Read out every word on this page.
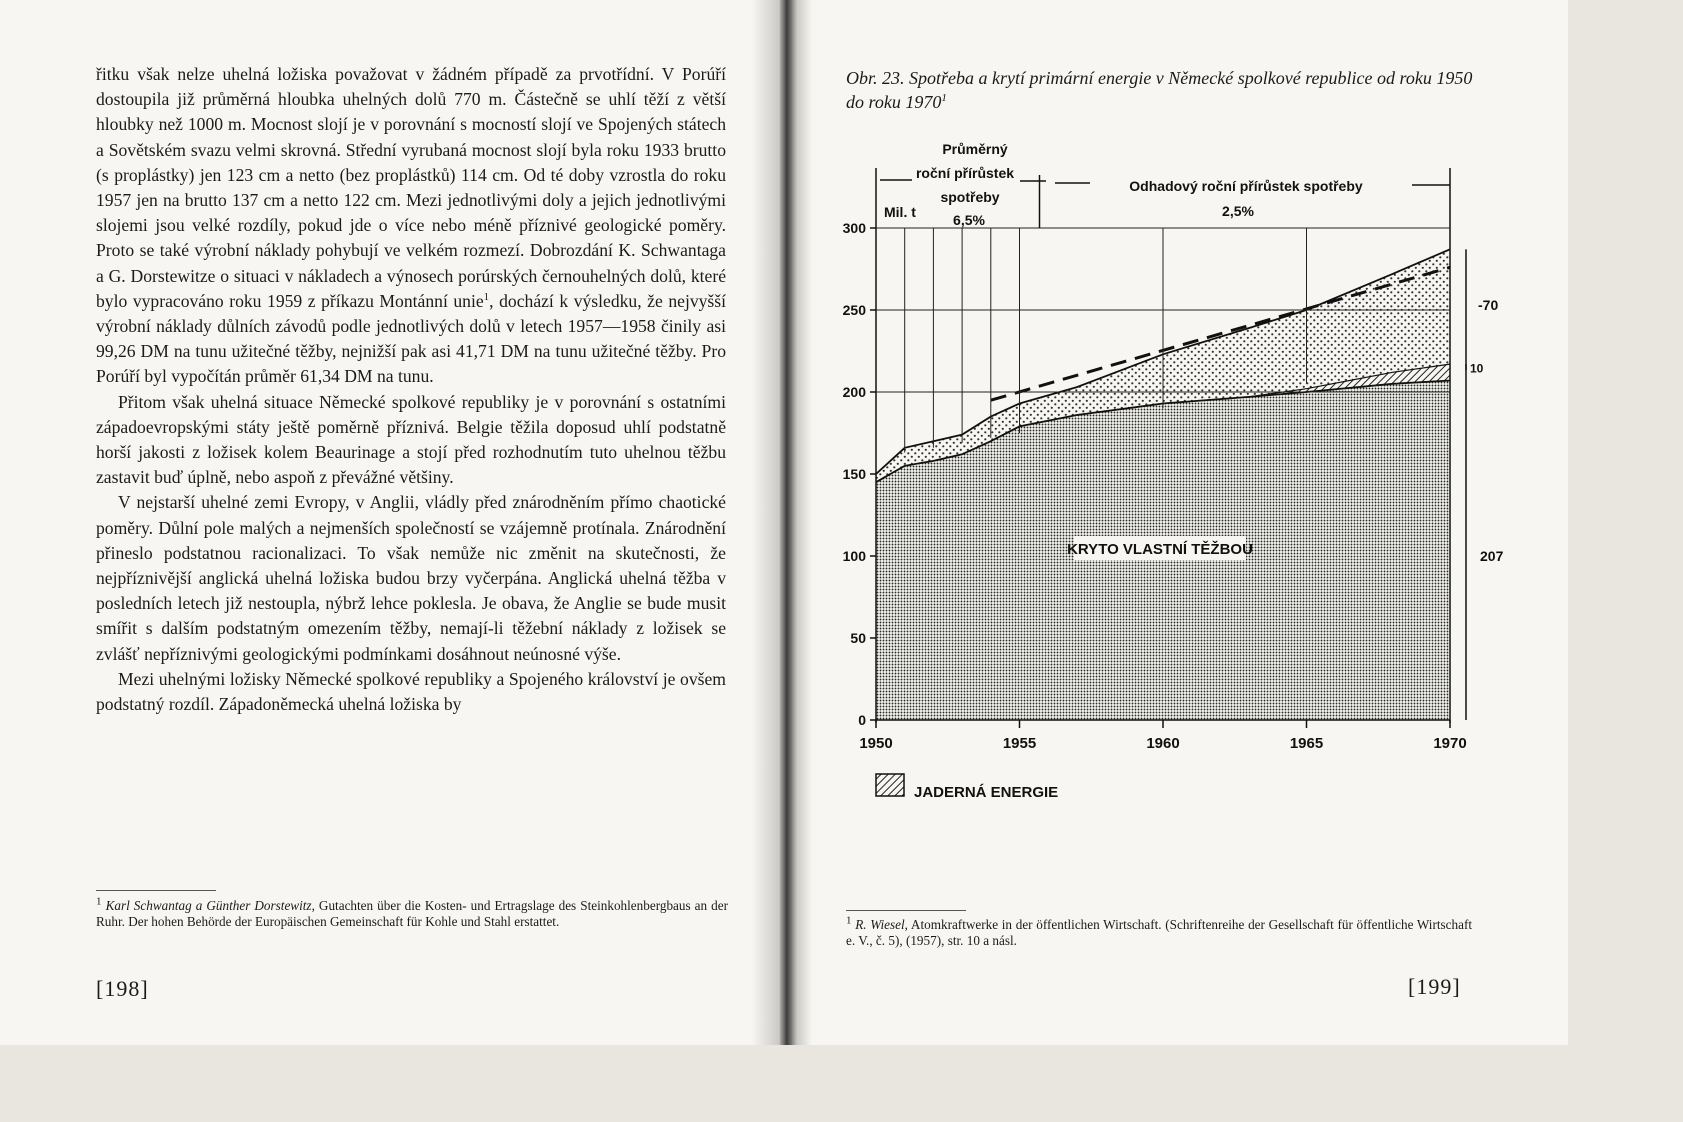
řitku však nelze uhelná ložiska považovat v žádném případě za prvotřídní. V Porúří dostoupila již průměrná hloubka uhelných dolů 770 m. Částečně se uhlí těží z větší hloubky než 1000 m. Mocnost slojí je v porovnání s mocností slojí ve Spojených státech a Sovětském svazu velmi skrovná. Střední vyrubaná mocnost slojí byla roku 1933 brutto (s proplástky) jen 123 cm a netto (bez proplástků) 114 cm. Od té doby vzrostla do roku 1957 jen na brutto 137 cm a netto 122 cm. Mezi jednotlivými doly a jejich jednotlivými slojemi jsou velké rozdíly, pokud jde o více nebo méně příznivé geologické poměry. Proto se také výrobní náklady pohybují ve velkém rozmezí. Dobrozdání K. Schwantaga a G. Dorstewitze o situaci v nákladech a výnosech porúrských černouhelných dolů, které bylo vypracováno roku 1959 z příkazu Montánní unie$^1$, dochází k výsledku, že nejvyšší výrobní náklady důlních závodů podle jednotlivých dolů v letech 1957—1958 činily asi 99,26 DM na tunu užitečné těžby, nejnižší pak asi 41,71 DM na tunu užitečné těžby. Pro Porúří byl vypočítán průměr 61,34 DM na tunu.

Přitom však uhelná situace Německé spolkové republiky je v porovnání s ostatními západoevropskými státy ještě poměrně příznivá. Belgie těžila doposud uhlí podstatně horší jakosti z ložisek kolem Beaurinage a stojí před rozhodnutím tuto uhelnou těžbu zastavit buď úplně, nebo aspoň z převážné většiny.

V nejstarší uhelné zemi Evropy, v Anglii, vládly před znárodněním přímo chaotické poměry. Důlní pole malých a nejmenších společností se vzájemně protínala. Znárodnění přineslo podstatnou racionalizaci. To však nemůže nic změnit na skutečnosti, že nejpříznivější anglická uhelná ložiska budou brzy vyčerpána. Anglická uhelná těžba v posledních letech již nestoupla, nýbrž lehce poklesla. Je obava, že Anglie se bude musit smířit s dalším podstatným omezením těžby, nemají-li těžební náklady z ložisek se zvlášť nepříznivými geologickými podmínkami dosáhnout neúnosné výše.

Mezi uhelnými ložisky Německé spolkové republiky a Spojeného království je ovšem podstatný rozdíl. Západoněmecká uhelná ložiska by

$^1$ Karl Schwantag a Günther Dorstewitz, Gutachten über die Kosten- und Ertragslage des Steinkohlenbergbaus an der Ruhr. Der hohen Behörde der Europäischen Gemeinschaft für Kohle und Stahl erstattet.
[198]
Obr. 23. Spotřeba a krytí primární energie v Německé spolkové republice od roku 1950 do roku 1970$^1$
0
50
100
150
200
250
300
1950	1955	1960	1965	1970
Mil. t
Průměrný
roční přírůstek
spotřeby
6,5%
Odhadový roční přírůstek spotřeby
2,5%
KRYTO VLASTNÍ TĚŽBOU
-70
10
207
JADERNÁ ENERGIE
$^1$ R. Wiesel, Atomkraftwerke in der öffentlichen Wirtschaft. (Schriftenreihe der Gesellschaft für öffentliche Wirtschaft e. V., č. 5), (1957), str. 10 a násl.
[199]
